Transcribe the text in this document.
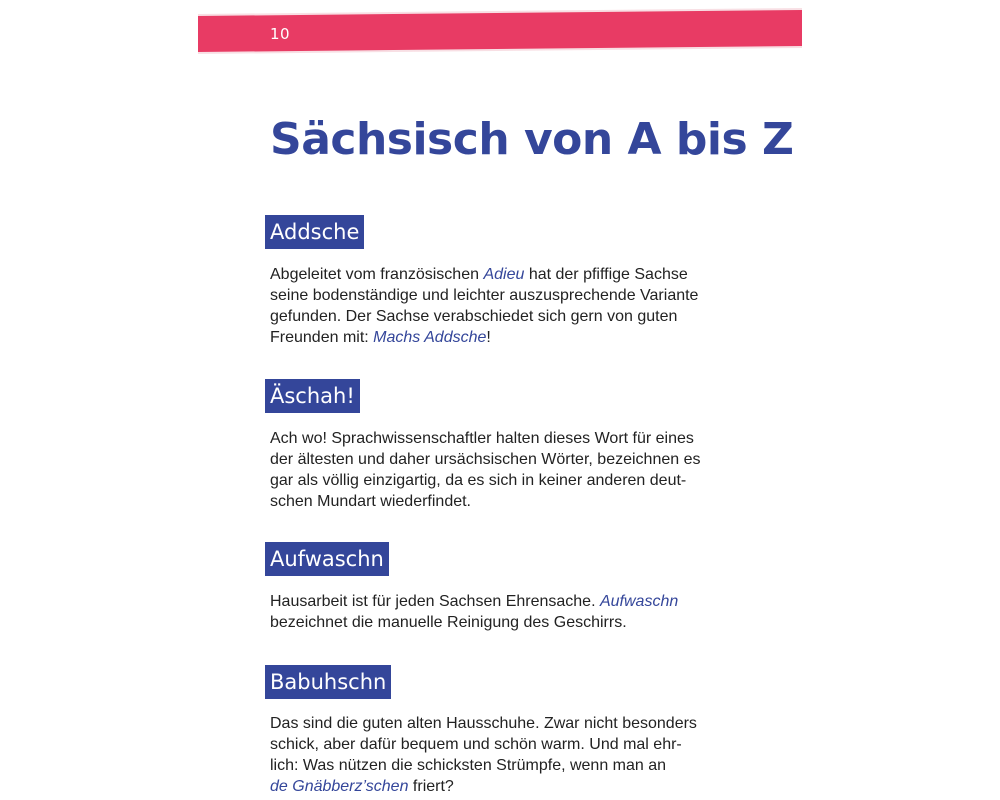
10
Sächsisch von A bis Z
Addsche
Abgeleitet vom französischen Adieu hat der pfiffige Sachse
seine bodenständige und leichter auszusprechende Variante
gefunden. Der Sachse verabschiedet sich gern von guten
Freunden mit: Machs Addsche!
Äschah!
Ach wo! Sprachwissenschaftler halten dieses Wort für eines
der ältesten und daher ursächsischen Wörter, bezeichnen es
gar als völlig einzigartig, da es sich in keiner anderen deut-
schen Mundart wiederfindet.
Aufwaschn
Hausarbeit ist für jeden Sachsen Ehrensache. Aufwaschn
bezeichnet die manuelle Reinigung des Geschirrs.
Babuhschn
Das sind die guten alten Hausschuhe. Zwar nicht besonders
schick, aber dafür bequem und schön warm. Und mal ehr-
lich: Was nützen die schicksten Strümpfe, wenn man an
de Gnäbberz’schen friert?
